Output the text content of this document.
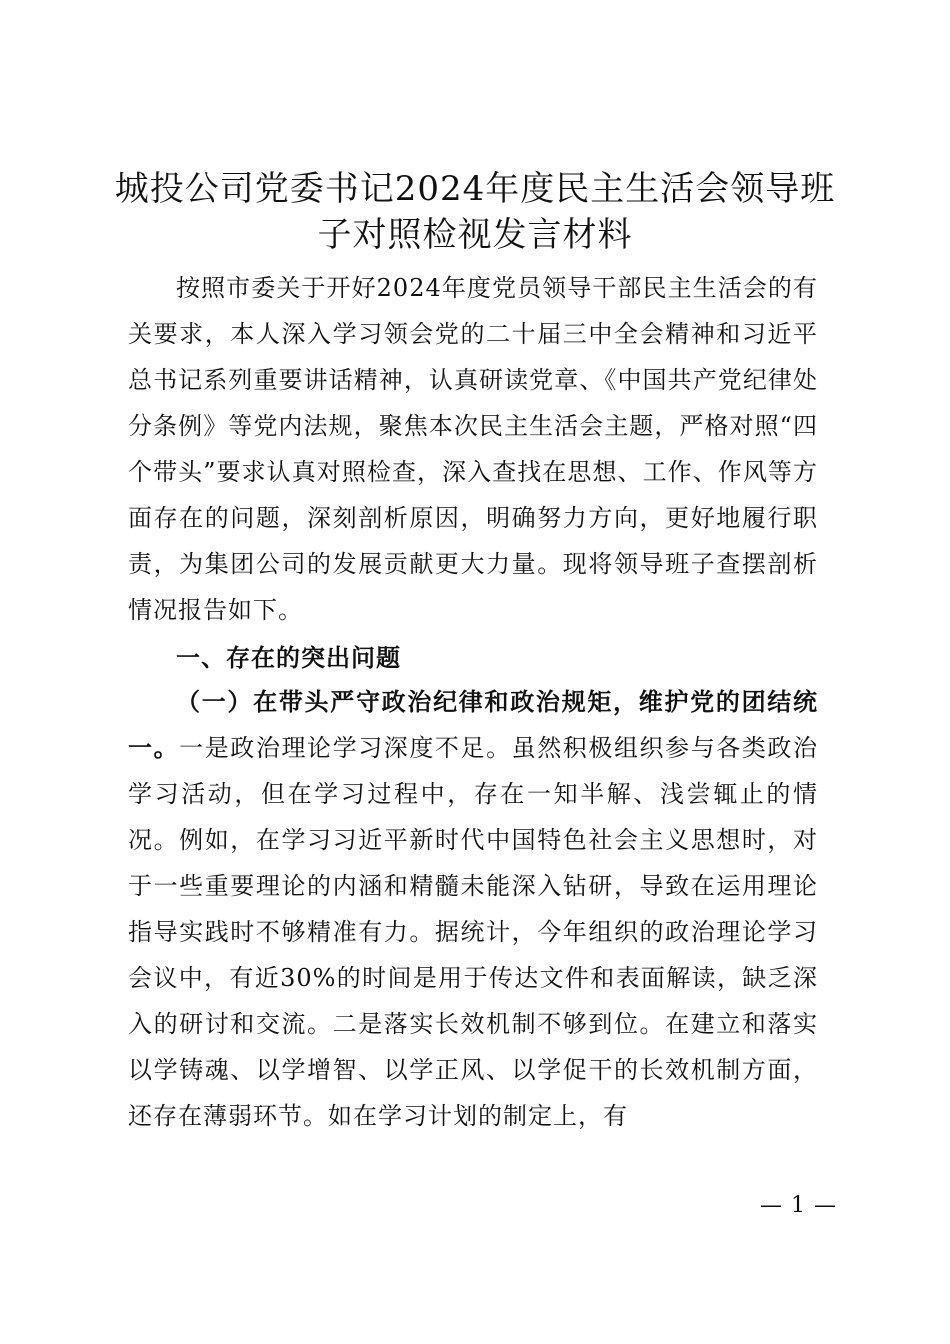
城投公司党委书记2024年度民主生活会领导班子对照检视发言材料

按照市委关于开好2024年度党员领导干部民主生活会的有关要求，本人深入学习领会党的二十届三中全会精神和习近平总书记系列重要讲话精神，认真研读党章、《中国共产党纪律处分条例》等党内法规，聚焦本次民主生活会主题，严格对照“四个带头”要求认真对照检查，深入查找在思想、工作、作风等方面存在的问题，深刻剖析原因，明确努力方向，更好地履行职责，为集团公司的发展贡献更大力量。现将领导班子查摆剖析情况报告如下。

一、存在的突出问题

（一）在带头严守政治纪律和政治规矩，维护党的团结统一。一是政治理论学习深度不足。虽然积极组织参与各类政治学习活动，但在学习过程中，存在一知半解、浅尝辄止的情况。例如，在学习习近平新时代中国特色社会主义思想时，对于一些重要理论的内涵和精髓未能深入钻研，导致在运用理论指导实践时不够精准有力。据统计，今年组织的政治理论学习会议中，有近30%的时间是用于传达文件和表面解读，缺乏深入的研讨和交流。二是落实长效机制不够到位。在建立和落实以学铸魂、以学增智、以学正风、以学促干的长效机制方面，还存在薄弱环节。如在学习计划的制定上，有

— 1 —
